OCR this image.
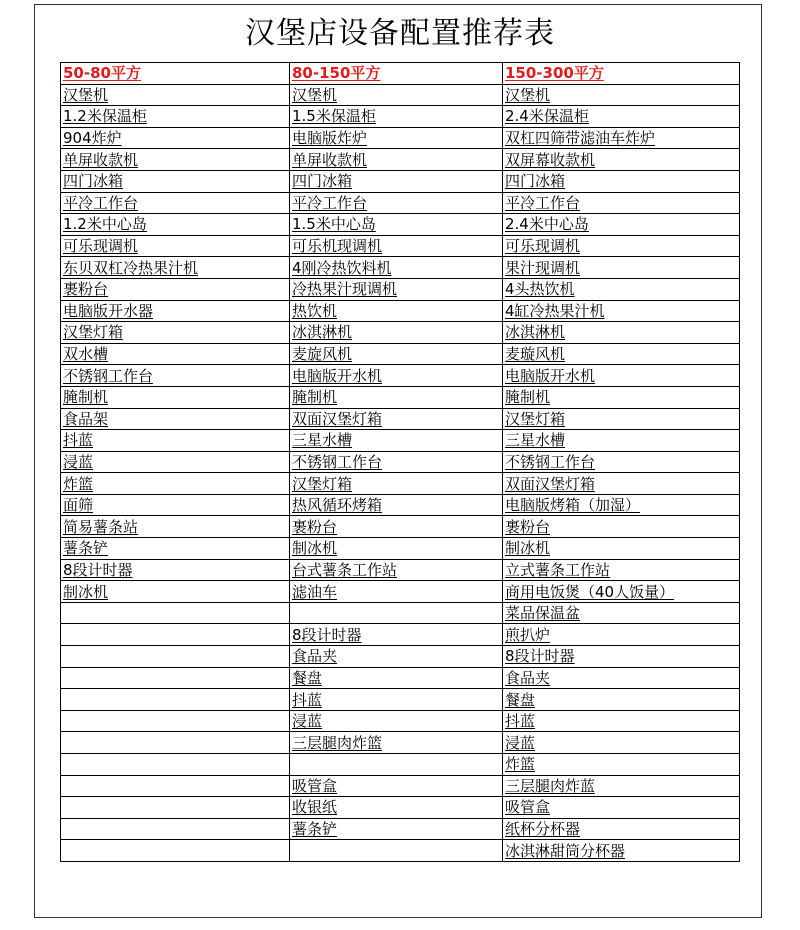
汉堡店设备配置推荐表
50-80平方	80-150平方	150-300平方
汉堡机	汉堡机	汉堡机
1.2米保温柜	1.5米保温柜	2.4米保温柜
904炸炉	电脑版炸炉	双杠四筛带滤油车炸炉
单屏收款机	单屏收款机	双屏幕收款机
四门冰箱	四门冰箱	四门冰箱
平冷工作台	平冷工作台	平冷工作台
1.2米中心岛	1.5米中心岛	2.4米中心岛
可乐现调机	可乐机现调机	可乐现调机
东贝双杠冷热果汁机	4刚冷热饮料机	果汁现调机
裹粉台	冷热果汁现调机	4头热饮机
电脑版开水器	热饮机	4缸冷热果汁机
汉堡灯箱	冰淇淋机	冰淇淋机
双水槽	麦旋风机	麦璇风机
不锈钢工作台	电脑版开水机	电脑版开水机
腌制机	腌制机	腌制机
食品架	双面汉堡灯箱	汉堡灯箱
抖蓝	三星水槽	三星水槽
浸蓝	不锈钢工作台	不锈钢工作台
炸篮	汉堡灯箱	双面汉堡灯箱
面筛	热风循环烤箱	电脑版烤箱（加湿）
简易薯条站	裹粉台	裹粉台
薯条铲	制冰机	制冰机
8段计时器	台式薯条工作站	立式薯条工作站
制冰机	滤油车	商用电饭煲（40人饭量）
		菜品保温盆
	8段计时器	煎扒炉
	食品夹	8段计时器
	餐盘	食品夹
	抖蓝	餐盘
	浸蓝	抖蓝
	三层腿肉炸篮	浸蓝
		炸篮
	吸管盒	三层腿肉炸蓝
	收银纸	吸管盒
	薯条铲	纸杯分杯器
		冰淇淋甜筒分杯器
